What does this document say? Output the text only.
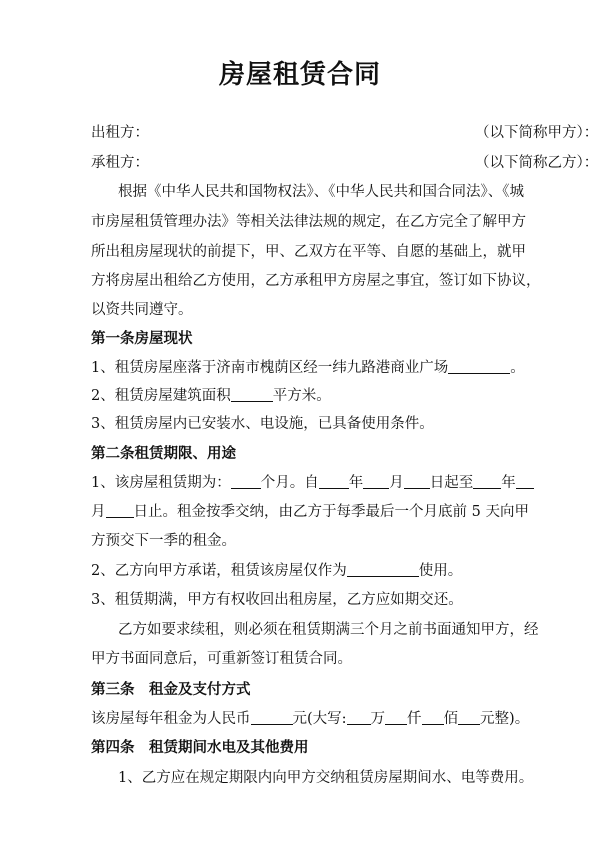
房屋租赁合同
出租方：	（以下简称甲方）：
承租方：	（以下简称乙方）：
根据《中华人民共和国物权法》、《中华人民共和国合同法》、《城
市房屋租赁管理办法》等相关法律法规的规定，在乙方完全了解甲方
所出租房屋现状的前提下，甲、乙双方在平等、自愿的基础上，就甲
方将房屋出租给乙方使用，乙方承租甲方房屋之事宜，签订如下协议，
以资共同遵守。
第一条房屋现状
1、租赁房屋座落于济南市槐荫区经一纬九路港商业广场	。
2、租赁房屋建筑面积	平方米。
3、租赁房屋内已安装水、电设施，已具备使用条件。
第二条租赁期限、用途
1、该房屋租赁期为： 个月。自 年 月 日起至 年
月 日止。租金按季交纳，由乙方于每季最后一个月底前 5 天向甲
方预交下一季的租金。
2、乙方向甲方承诺，租赁该房屋仅作为	使用。
3、租赁期满，甲方有权收回出租房屋，乙方应如期交还。
乙方如要求续租，则必须在租赁期满三个月之前书面通知甲方，经
甲方书面同意后，可重新签订租赁合同。
第三条　租金及支付方式
该房屋每年租金为人民币	元(大写: 万 仟 佰 元整)。
第四条　租赁期间水电及其他费用
1、乙方应在规定期限内向甲方交纳租赁房屋期间水、电等费用。
